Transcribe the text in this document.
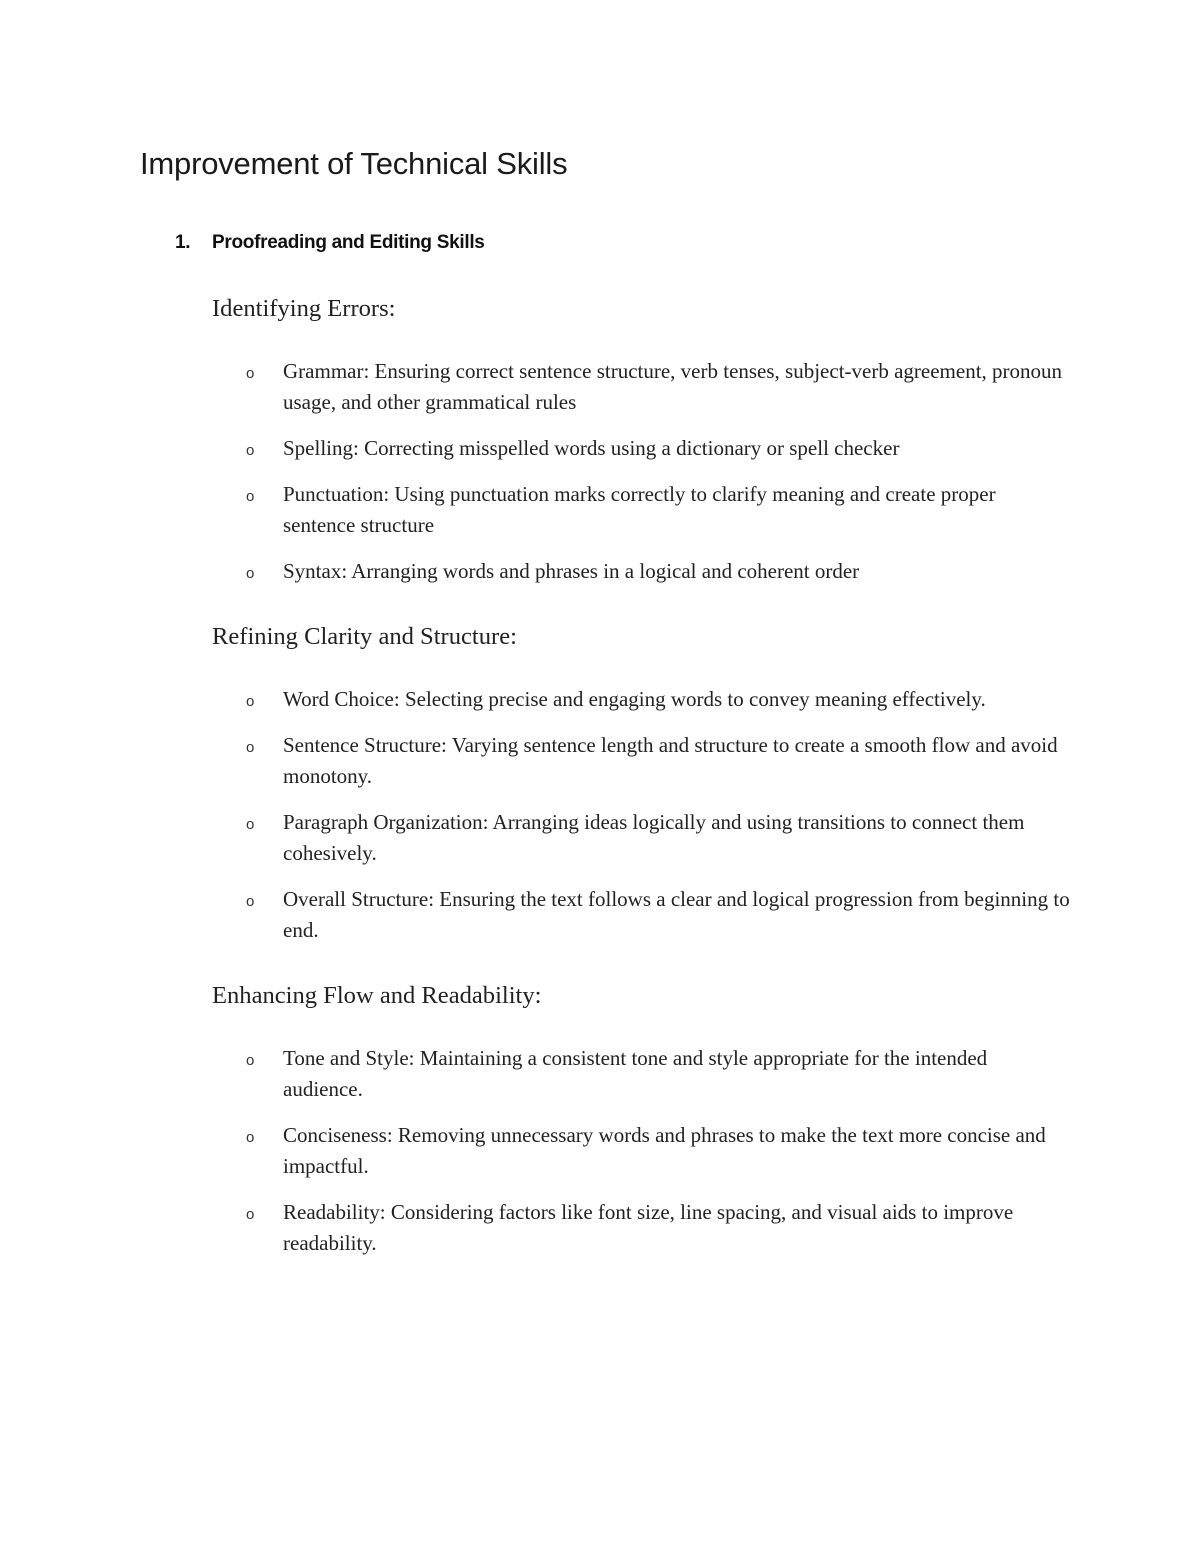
Improvement of Technical Skills
1. Proofreading and Editing Skills
Identifying Errors:
o Grammar: Ensuring correct sentence structure, verb tenses, subject-verb agreement, pronoun usage, and other grammatical rules
o Spelling: Correcting misspelled words using a dictionary or spell checker
o Punctuation: Using punctuation marks correctly to clarify meaning and create proper sentence structure
o Syntax: Arranging words and phrases in a logical and coherent order
Refining Clarity and Structure:
o Word Choice: Selecting precise and engaging words to convey meaning effectively.
o Sentence Structure: Varying sentence length and structure to create a smooth flow and avoid monotony.
o Paragraph Organization: Arranging ideas logically and using transitions to connect them cohesively.
o Overall Structure: Ensuring the text follows a clear and logical progression from beginning to end.
Enhancing Flow and Readability:
o Tone and Style: Maintaining a consistent tone and style appropriate for the intended audience.
o Conciseness: Removing unnecessary words and phrases to make the text more concise and impactful.
o Readability: Considering factors like font size, line spacing, and visual aids to improve readability.
